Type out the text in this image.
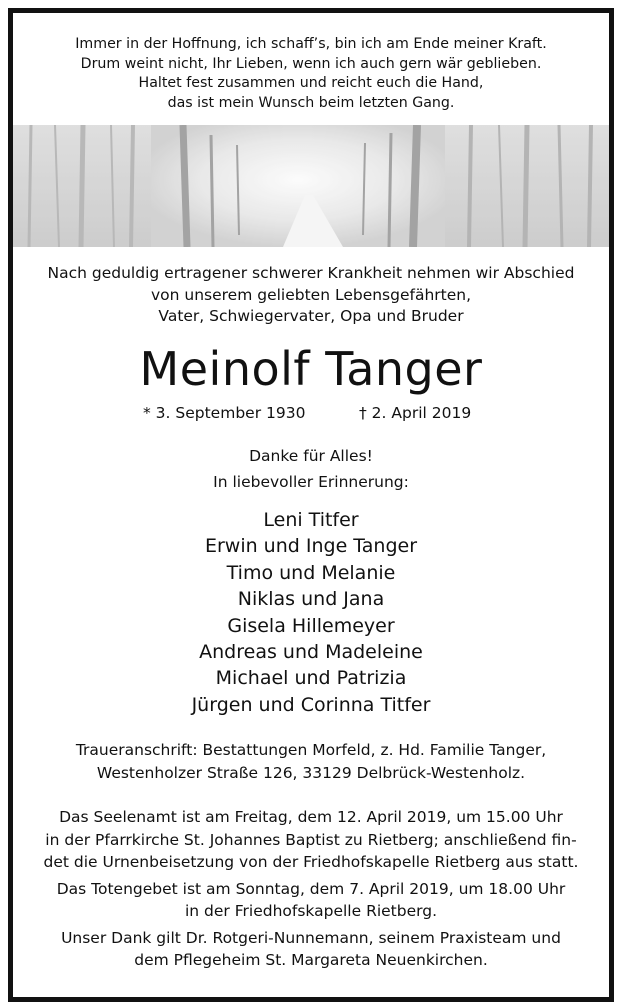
Immer in der Hoffnung, ich schaff’s, bin ich am Ende meiner Kraft.
Drum weint nicht, Ihr Lieben, wenn ich auch gern wär geblieben.
Haltet fest zusammen und reicht euch die Hand,
das ist mein Wunsch beim letzten Gang.
Nach geduldig ertragener schwerer Krankheit nehmen wir Abschied
von unserem geliebten Lebensgefährten,
Vater, Schwiegervater, Opa und Bruder
Meinolf Tanger
* 3. September 1930	† 2. April 2019
Danke für Alles!
In liebevoller Erinnerung:
Leni Titfer
Erwin und Inge Tanger
Timo und Melanie
Niklas und Jana
Gisela Hillemeyer
Andreas und Madeleine
Michael und Patrizia
Jürgen und Corinna Titfer
Traueranschrift: Bestattungen Morfeld, z. Hd. Familie Tanger,
Westenholzer Straße 126, 33129 Delbrück-Westenholz.
Das Seelenamt ist am Freitag, dem 12. April 2019, um 15.00 Uhr
in der Pfarrkirche St. Johannes Baptist zu Rietberg; anschließend fin-
det die Urnenbeisetzung von der Friedhofskapelle Rietberg aus statt.
Das Totengebet ist am Sonntag, dem 7. April 2019, um 18.00 Uhr
in der Friedhofskapelle Rietberg.
Unser Dank gilt Dr. Rotgeri-Nunnemann, seinem Praxisteam und
dem Pflegeheim St. Margareta Neuenkirchen.
